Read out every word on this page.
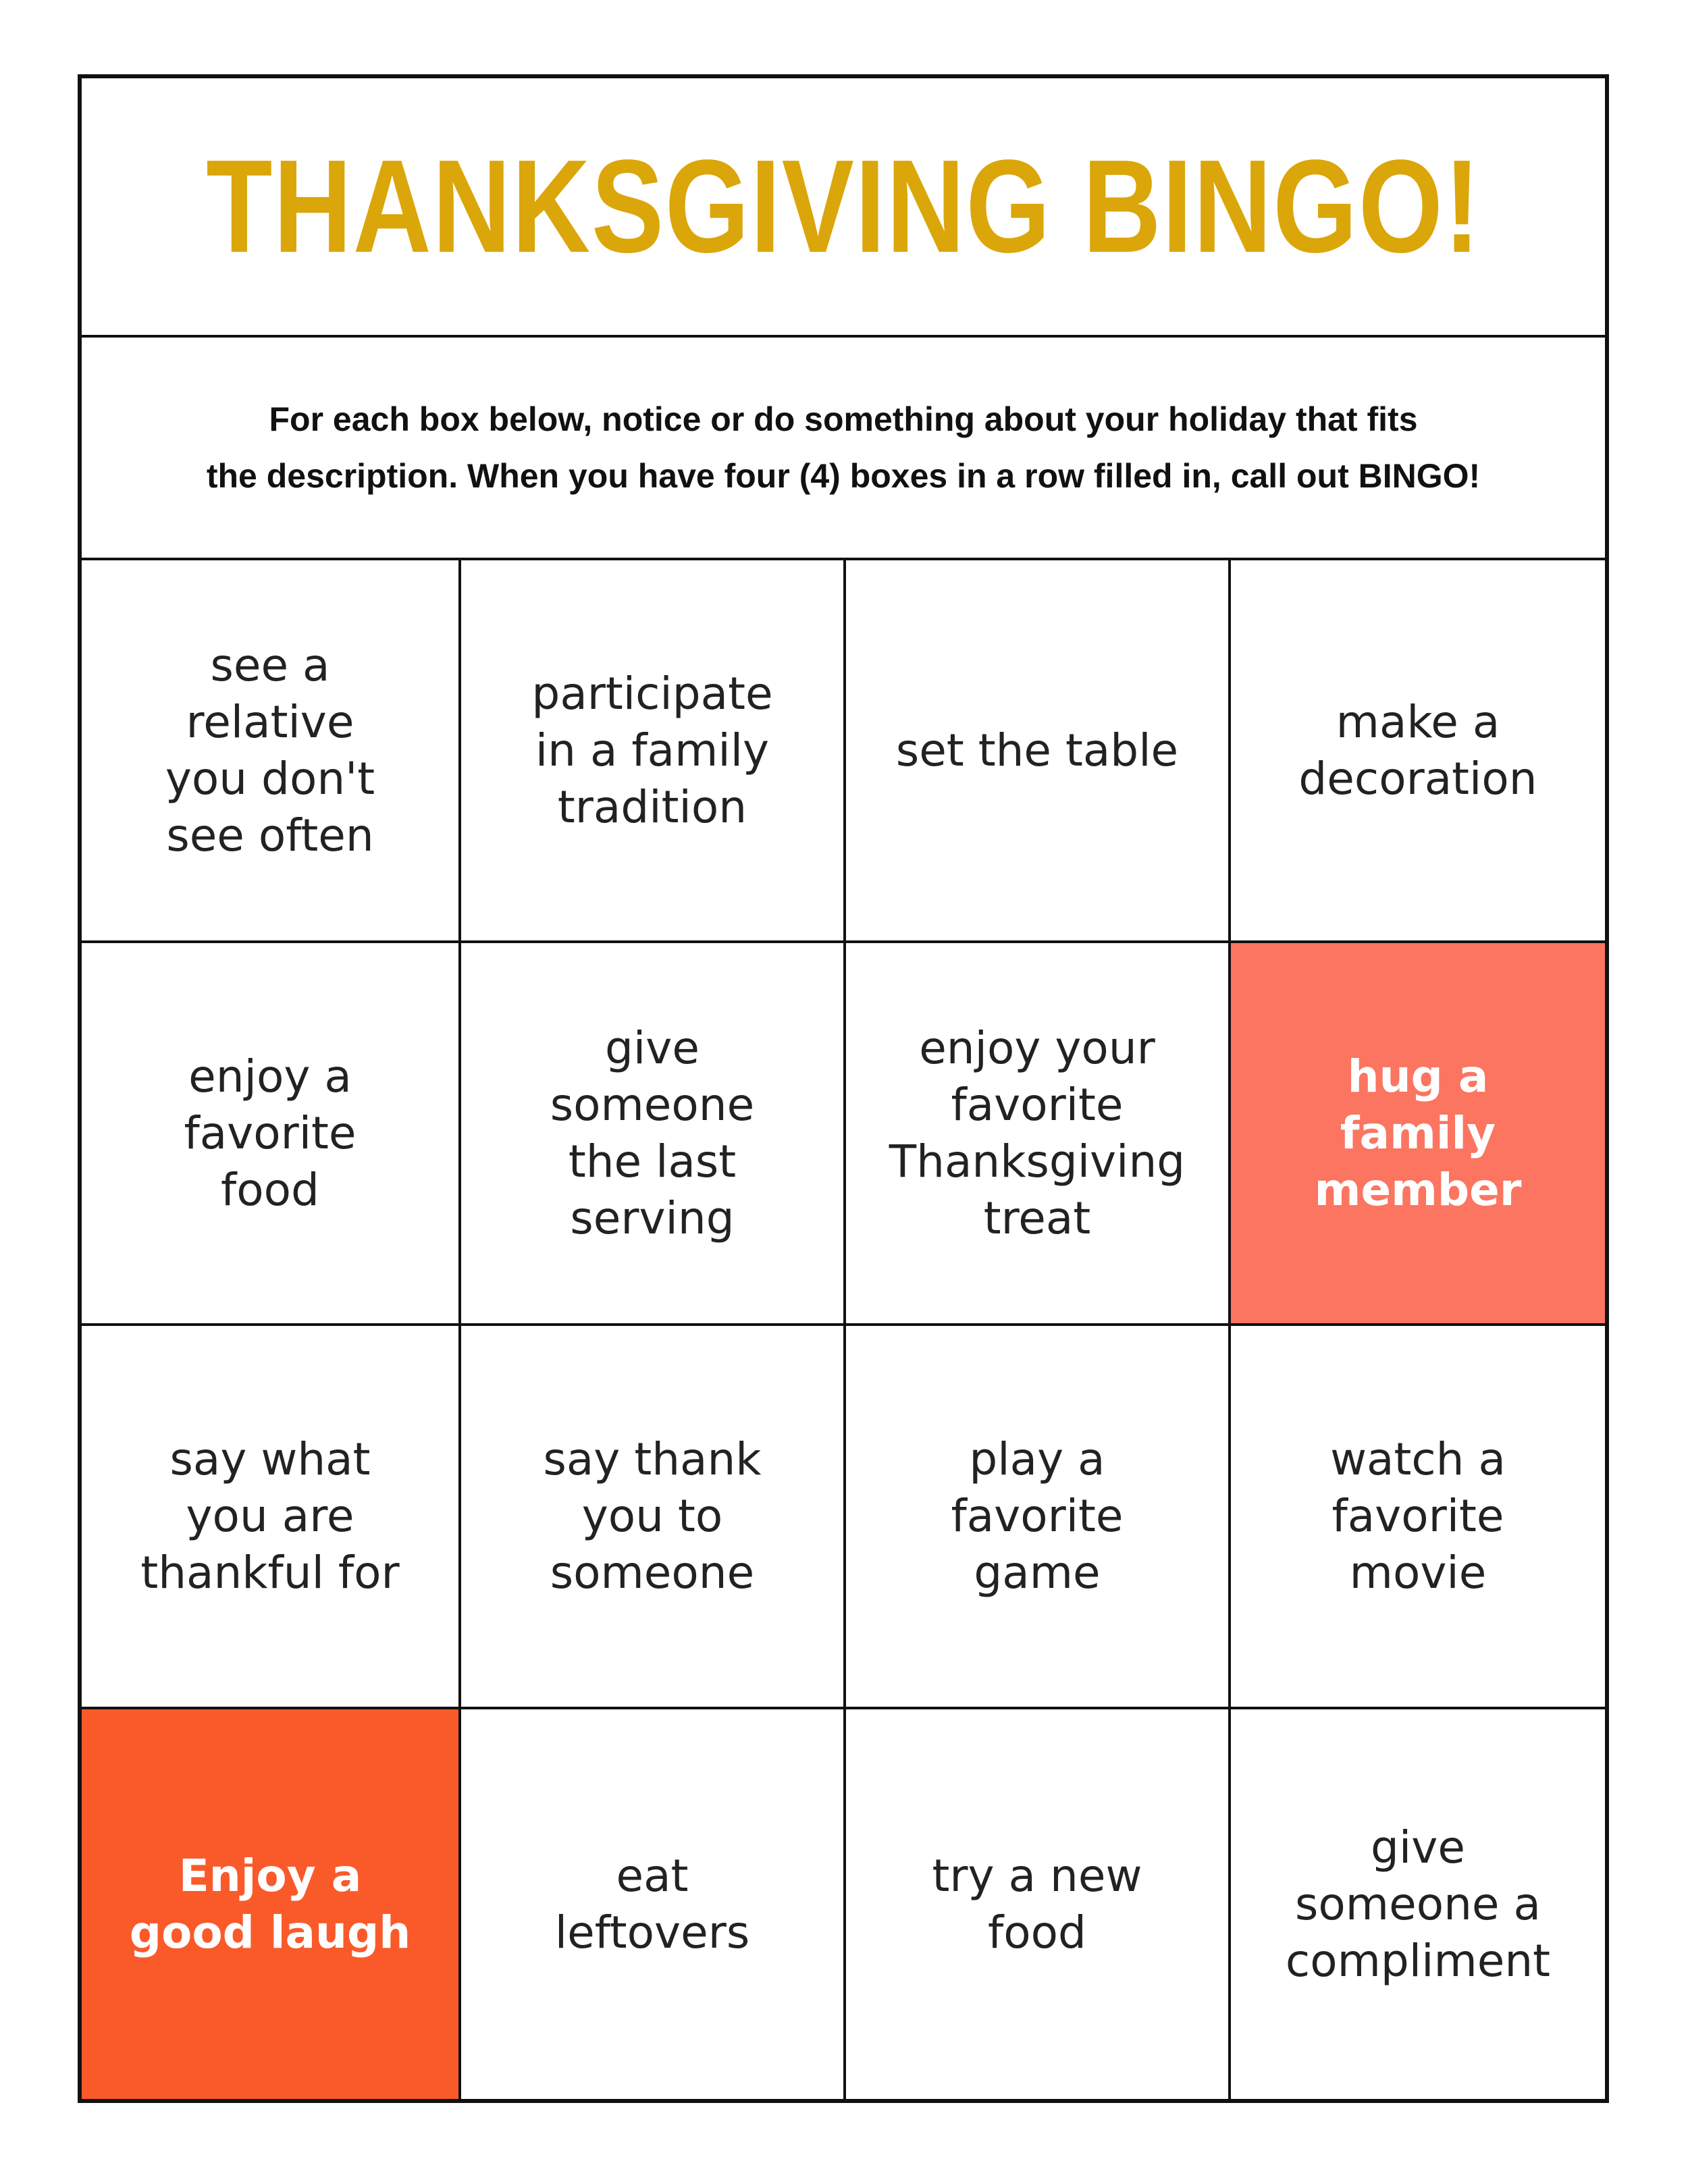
THANKSGIVING BINGO!
For each box below, notice or do something about your holiday that fits
the description. When you have four (4) boxes in a row filled in, call out BINGO!
see a
relative
you don't
see often
participate
in a family
tradition
set the table
make a
decoration
enjoy a
favorite
food
give
someone
the last
serving
enjoy your
favorite
Thanksgiving
treat
hug a
family
member
say what
you are
thankful for
say thank
you to
someone
play a
favorite
game
watch a
favorite
movie
Enjoy a
good laugh
eat
leftovers
try a new
food
give
someone a
compliment
